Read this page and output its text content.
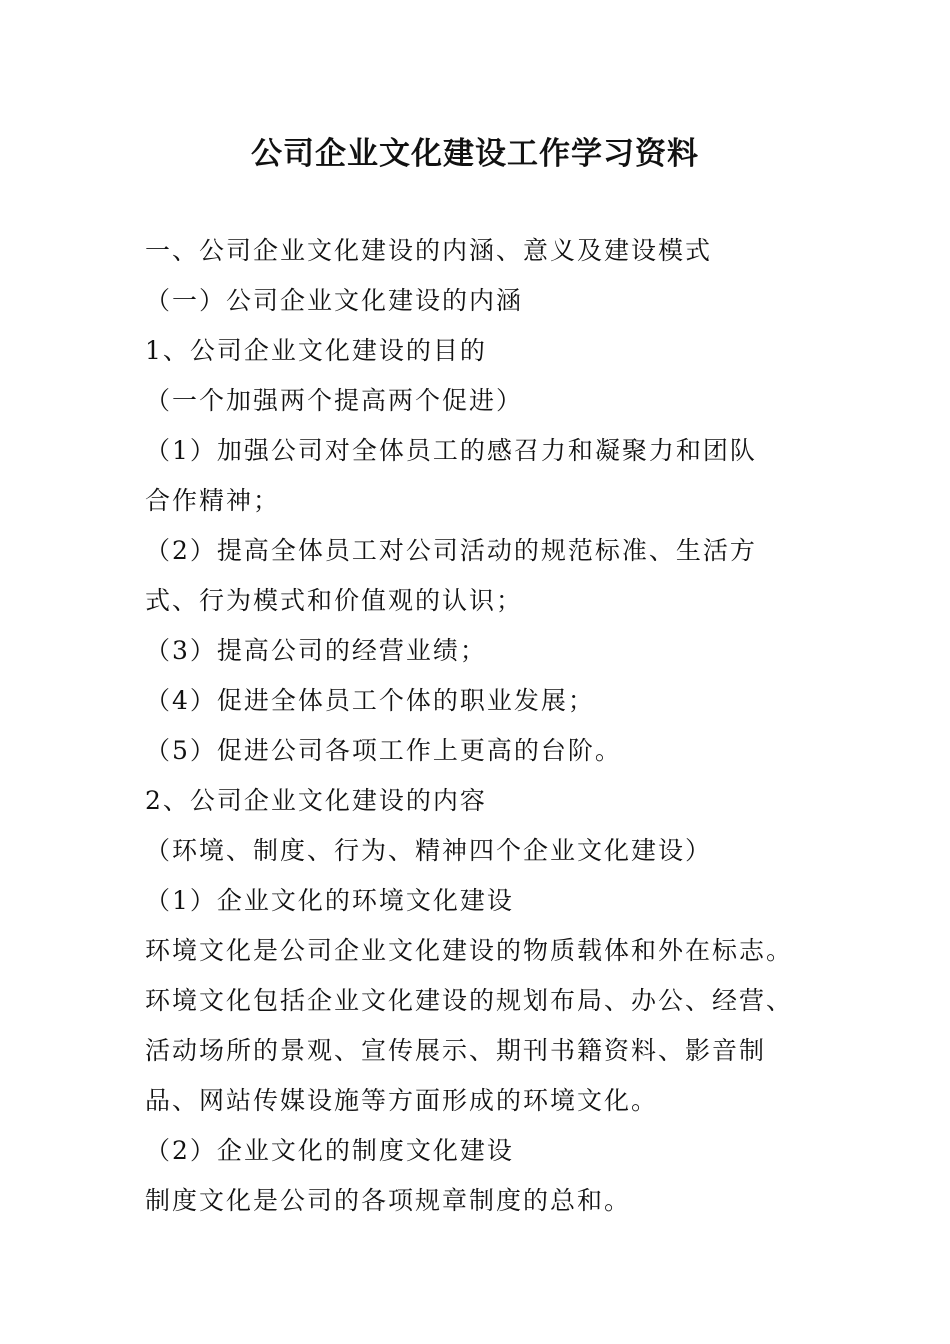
公司企业文化建设工作学习资料
一、公司企业文化建设的内涵、意义及建设模式
（一）公司企业文化建设的内涵
1、公司企业文化建设的目的
（一个加强两个提高两个促进）
（1）加强公司对全体员工的感召力和凝聚力和团队
合作精神；
（2）提高全体员工对公司活动的规范标准、生活方
式、行为模式和价值观的认识；
（3）提高公司的经营业绩；
（4）促进全体员工个体的职业发展；
（5）促进公司各项工作上更高的台阶。
2、公司企业文化建设的内容
（环境、制度、行为、精神四个企业文化建设）
（1）企业文化的环境文化建设
环境文化是公司企业文化建设的物质载体和外在标志。
环境文化包括企业文化建设的规划布局、办公、经营、
活动场所的景观、宣传展示、期刊书籍资料、影音制
品、网站传媒设施等方面形成的环境文化。
（2）企业文化的制度文化建设
制度文化是公司的各项规章制度的总和。
